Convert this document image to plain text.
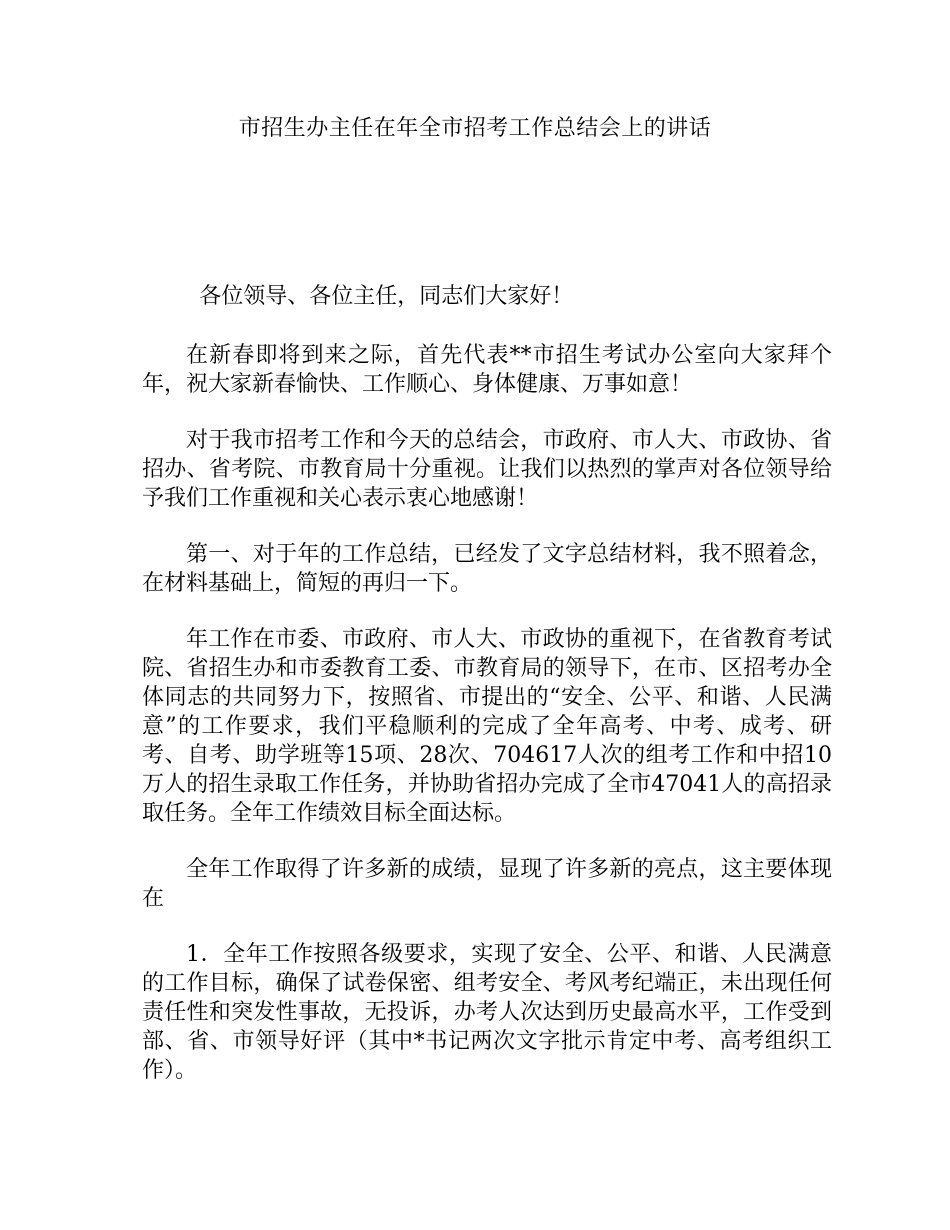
市招生办主任在年全市招考工作总结会上的讲话

各位领导、各位主任，同志们大家好！

在新春即将到来之际，首先代表**市招生考试办公室向大家拜个年，祝大家新春愉快、工作顺心、身体健康、万事如意！

对于我市招考工作和今天的总结会，市政府、市人大、市政协、省招办、省考院、市教育局十分重视。让我们以热烈的掌声对各位领导给予我们工作重视和关心表示衷心地感谢！

第一、对于年的工作总结，已经发了文字总结材料，我不照着念，在材料基础上，简短的再归一下。

年工作在市委、市政府、市人大、市政协的重视下，在省教育考试院、省招生办和市委教育工委、市教育局的领导下，在市、区招考办全体同志的共同努力下，按照省、市提出的“安全、公平、和谐、人民满意”的工作要求，我们平稳顺利的完成了全年高考、中考、成考、研考、自考、助学班等15项、28次、704617人次的组考工作和中招10万人的招生录取工作任务，并协助省招办完成了全市47041人的高招录取任务。全年工作绩效目标全面达标。

全年工作取得了许多新的成绩，显现了许多新的亮点，这主要体现在

1．全年工作按照各级要求，实现了安全、公平、和谐、人民满意的工作目标，确保了试卷保密、组考安全、考风考纪端正，未出现任何责任性和突发性事故，无投诉，办考人次达到历史最高水平，工作受到部、省、市领导好评（其中*书记两次文字批示肯定中考、高考组织工作）。
